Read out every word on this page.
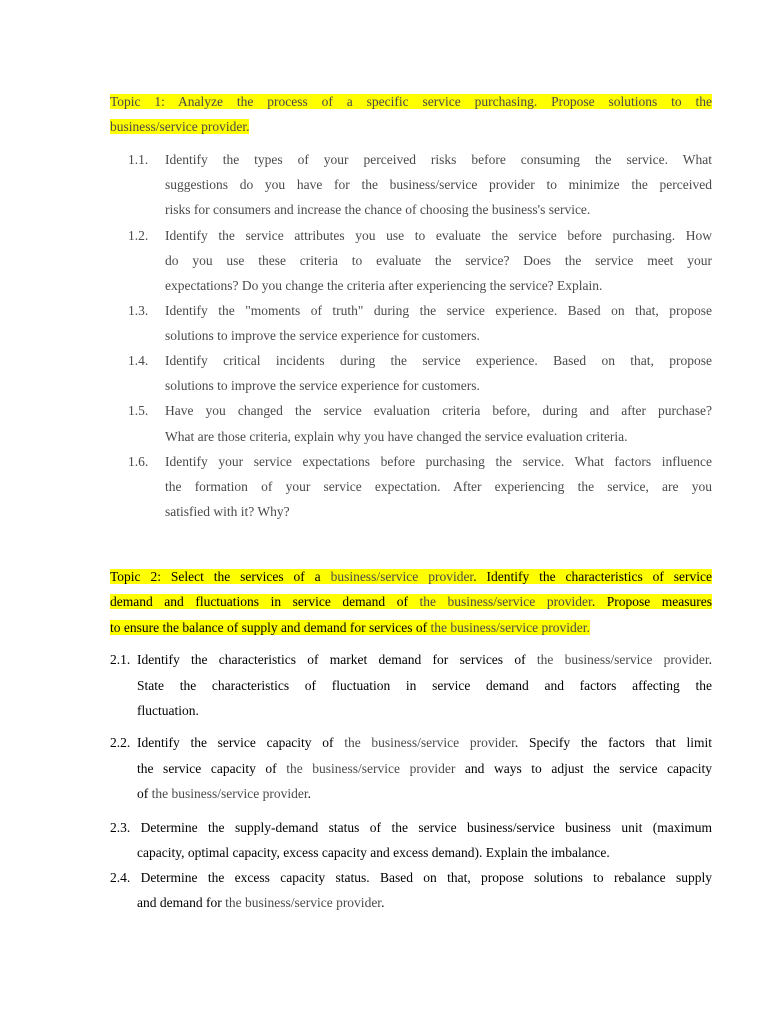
Topic 1: Analyze the process of a specific service purchasing. Propose solutions to the
business/service provider.
1.1.	Identify the types of your perceived risks before consuming the service. What
suggestions do you have for the business/service provider to minimize the perceived
risks for consumers and increase the chance of choosing the business's service.
1.2.	Identify the service attributes you use to evaluate the service before purchasing. How
do you use these criteria to evaluate the service? Does the service meet your
expectations? Do you change the criteria after experiencing the service? Explain.
1.3.	Identify the "moments of truth" during the service experience. Based on that, propose
solutions to improve the service experience for customers.
1.4.	Identify critical incidents during the service experience. Based on that, propose
solutions to improve the service experience for customers.
1.5.	Have you changed the service evaluation criteria before, during and after purchase?
What are those criteria, explain why you have changed the service evaluation criteria.
1.6.	Identify your service expectations before purchasing the service. What factors influence
the formation of your service expectation. After experiencing the service, are you
satisfied with it? Why?
Topic 2: Select the services of a business/service provider. Identify the characteristics of service
demand and fluctuations in service demand of the business/service provider. Propose measures
to ensure the balance of supply and demand for services of the business/service provider.
2.1. Identify the characteristics of market demand for services of the business/service provider.
State the characteristics of fluctuation in service demand and factors affecting the
fluctuation.
2.2. Identify the service capacity of the business/service provider. Specify the factors that limit
the service capacity of the business/service provider and ways to adjust the service capacity
of the business/service provider.
2.3. Determine the supply-demand status of the service business/service business unit (maximum
capacity, optimal capacity, excess capacity and excess demand). Explain the imbalance.
2.4. Determine the excess capacity status. Based on that, propose solutions to rebalance supply
and demand for the business/service provider.
